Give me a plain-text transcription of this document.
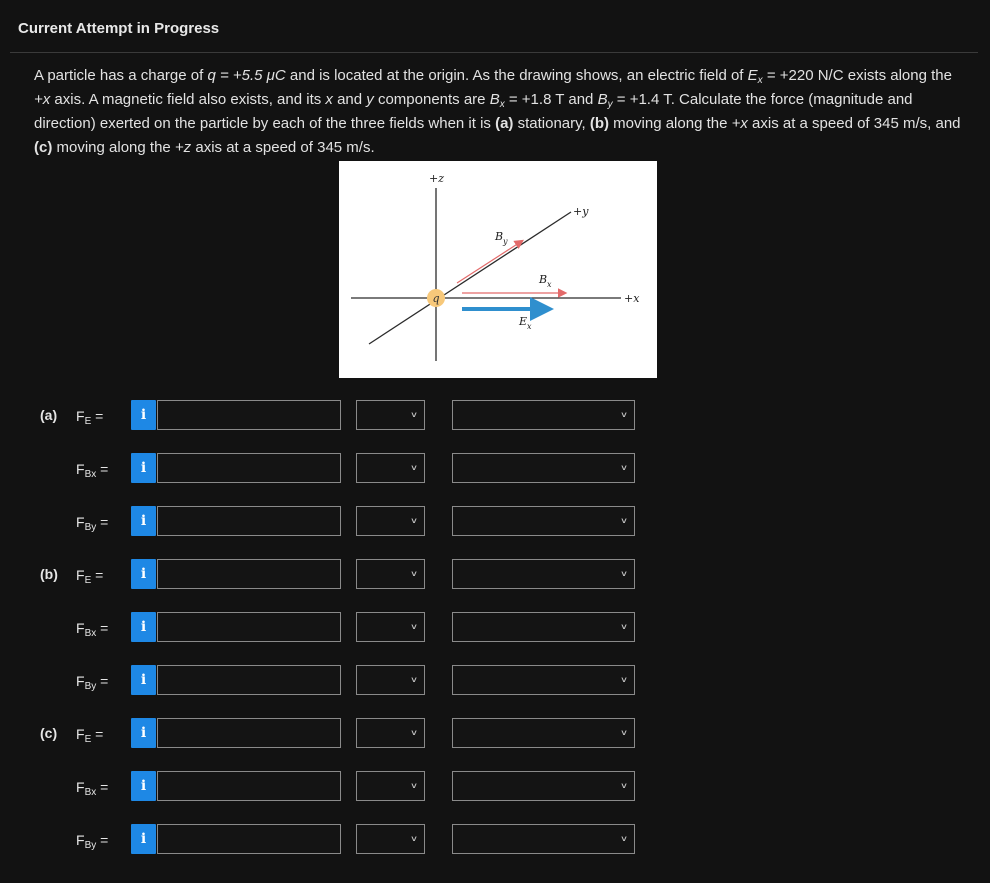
Current Attempt in Progress
A particle has a charge of q = +5.5 μC and is located at the origin. As the drawing shows, an electric field of $E_x = +220$ N/C exists along the +x axis. A magnetic field also exists, and its x and y components are $B_x = +1.8$ T and $B_y = +1.4$ T. Calculate the force (magnitude and direction) exerted on the particle by each of the three fields when it is (a) stationary, (b) moving along the +x axis at a speed of 345 m/s, and (c) moving along the +z axis at a speed of 345 m/s.
q
+z
+y
+x
B y
B x
E x
(a) $F_E$ =	i	∨	∨
$F_{Bx}$ =	i	∨	∨
$F_{By}$ =	i	∨	∨
(b) $F_E$ =	i	∨	∨
$F_{Bx}$ =	i	∨	∨
$F_{By}$ =	i	∨	∨
(c) $F_E$ =	i	∨	∨
$F_{Bx}$ =	i	∨	∨
$F_{By}$ =	i	∨	∨
